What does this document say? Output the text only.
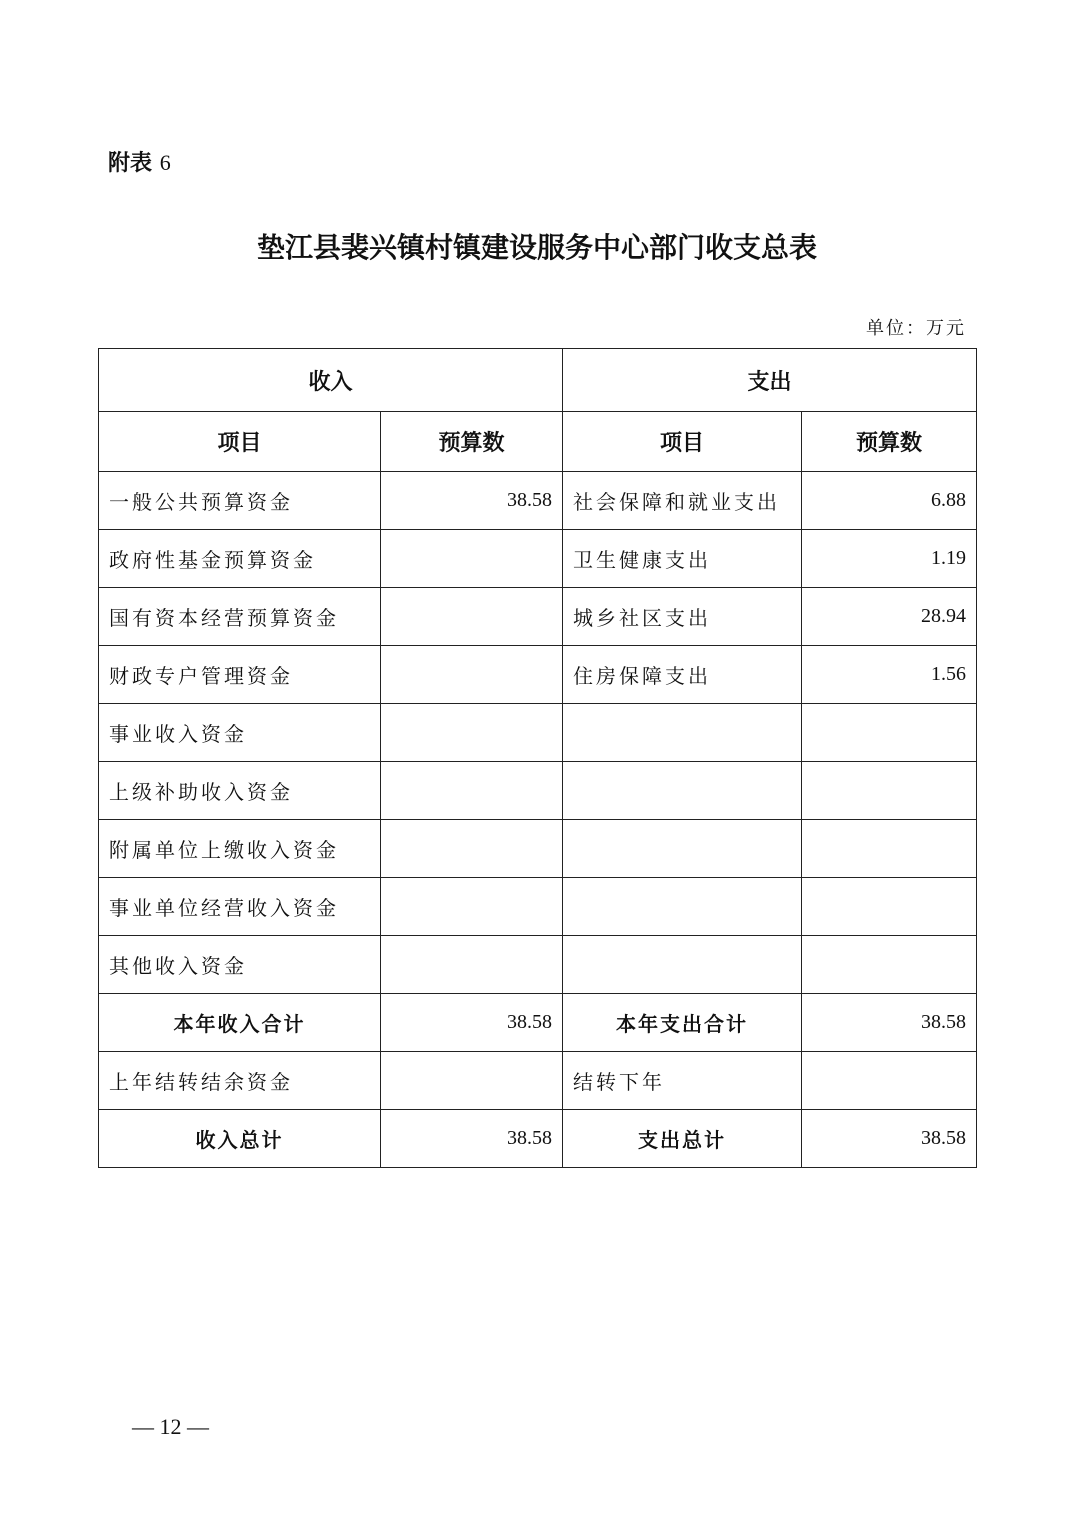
附表 6
垫江县裴兴镇村镇建设服务中心部门收支总表
单位：万元
收入		支出	
项目	预算数	项目	预算数
一般公共预算资金	38.58	社会保障和就业支出	6.88
政府性基金预算资金		卫生健康支出	1.19
国有资本经营预算资金		城乡社区支出	28.94
财政专户管理资金		住房保障支出	1.56
事业收入资金			
上级补助收入资金			
附属单位上缴收入资金			
事业单位经营收入资金			
其他收入资金			
本年收入合计	38.58	本年支出合计	38.58
上年结转结余资金		结转下年	
收入总计	38.58	支出总计	38.58
— 12 —
